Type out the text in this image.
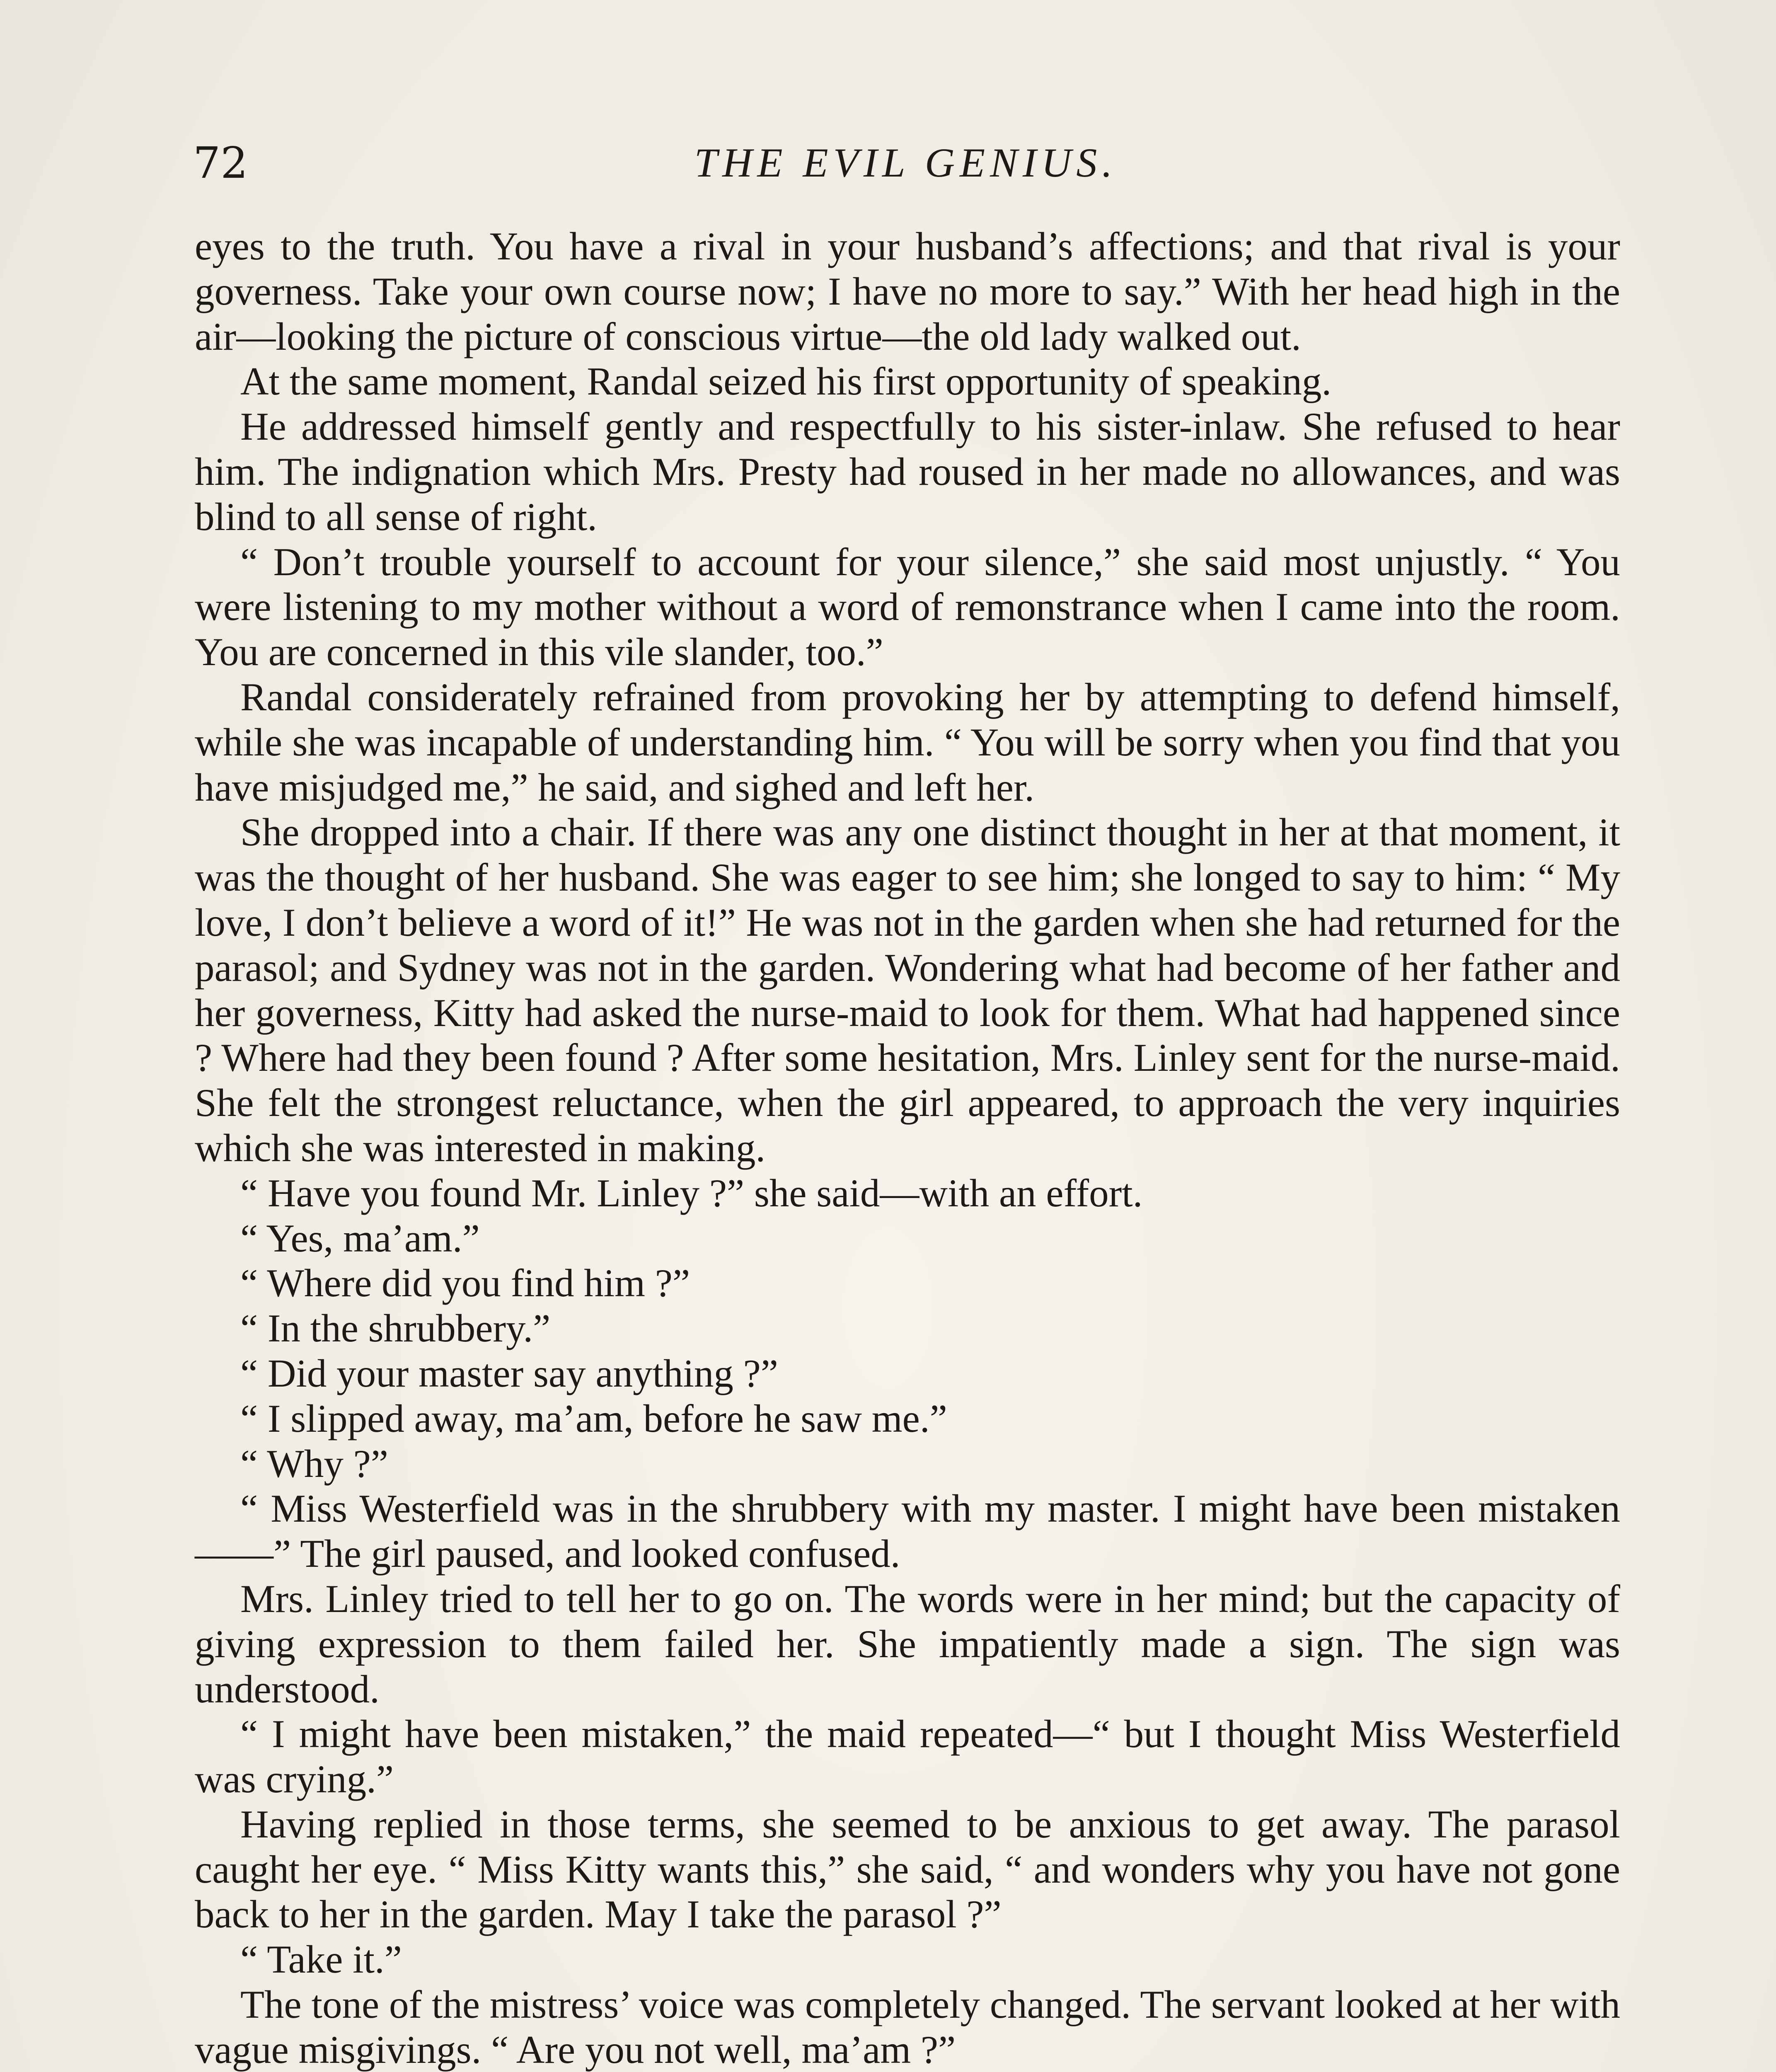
72	THE EVIL GENIUS.

eyes to the truth. You have a rival in your husband’s affections; and that rival is your governess. Take your own course now; I have no more to say.” With her head high in the air—looking the picture of conscious virtue—the old lady walked out.

At the same moment, Randal seized his first opportunity of speaking.

He addressed himself gently and respectfully to his sister-inlaw. She refused to hear him. The indignation which Mrs. Presty had roused in her made no allowances, and was blind to all sense of right.

“ Don’t trouble yourself to account for your silence,” she said most unjustly. “ You were listening to my mother without a word of remonstrance when I came into the room. You are concerned in this vile slander, too.”

Randal considerately refrained from provoking her by attempting to defend himself, while she was incapable of understanding him. “ You will be sorry when you find that you have misjudged me,” he said, and sighed and left her.

She dropped into a chair. If there was any one distinct thought in her at that moment, it was the thought of her husband. She was eager to see him; she longed to say to him: “ My love, I don’t believe a word of it!” He was not in the garden when she had returned for the parasol; and Sydney was not in the garden. Wondering what had become of her father and her governess, Kitty had asked the nurse-maid to look for them. What had happened since ? Where had they been found ? After some hesitation, Mrs. Linley sent for the nurse-maid. She felt the strongest reluctance, when the girl appeared, to approach the very inquiries which she was interested in making.

“ Have you found Mr. Linley ?” she said—with an effort.

“ Yes, ma’am.”

“ Where did you find him ?”

“ In the shrubbery.”

“ Did your master say anything ?”

“ I slipped away, ma’am, before he saw me.”

“ Why ?”

“ Miss Westerfield was in the shrubbery with my master. I might have been mistaken——” The girl paused, and looked confused.

Mrs. Linley tried to tell her to go on. The words were in her mind; but the capacity of giving expression to them failed her. She impatiently made a sign. The sign was understood.

“ I might have been mistaken,” the maid repeated—“ but I thought Miss Westerfield was crying.”

Having replied in those terms, she seemed to be anxious to get away. The parasol caught her eye. “ Miss Kitty wants this,” she said, “ and wonders why you have not gone back to her in the garden. May I take the parasol ?”

“ Take it.”

The tone of the mistress’ voice was completely changed. The servant looked at her with vague misgivings. “ Are you not well, ma’am ?”
